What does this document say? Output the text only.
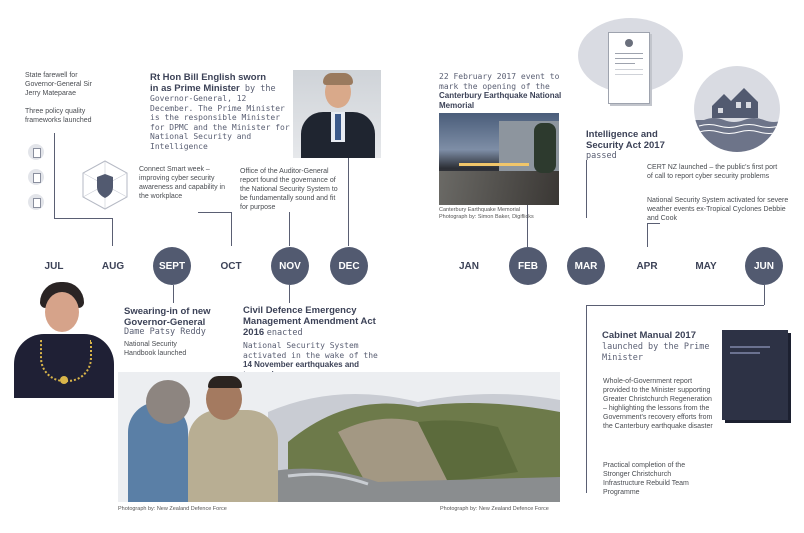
JUL	AUG	SEPT	OCT	NOV	DEC	JAN	FEB	MAR	APR	MAY	JUN
State farewell for Governor-General Sir Jerry Mateparae
Three policy quality frameworks launched
Connect Smart week – improving cyber security awareness and capability in the workplace
Rt Hon Bill English sworn
in as Prime Minister by the
Governor-General, 12 December. The Prime Minister is the responsible Minister for DPMC and the Minister for National Security and Intelligence
Office of the Auditor-General report found the governance of the National Security System to be fundamentally sound and fit for purpose
22 February 2017 event to mark the opening of the Canterbury Earthquake National Memorial
Canterbury Earthquake Memorial
Photograph by: Simon Baker, Digiflicks
Intelligence and Security Act 2017
passed
CERT NZ launched – the public's first port of call to report cyber security problems
National Security System activated for severe weather events ex-Tropical Cyclones Debbie and Cook
Swearing-in of new Governor-General
Dame Patsy Reddy
National Security Handbook launched
Civil Defence Emergency Management Amendment Act 2016 enacted
National Security System activated in the wake of the 14 November earthquakes and
Photograph by: New Zealand Defence Force	Photograph by: New Zealand Defence Force
Cabinet Manual 2017 launched by the Prime Minister
Whole-of-Government report provided to the Minister supporting Greater Christchurch Regeneration – highlighting the lessons from the Government's recovery efforts from the Canterbury earthquake disaster
Practical completion of the Stronger Christchurch Infrastructure Rebuild Team Programme
